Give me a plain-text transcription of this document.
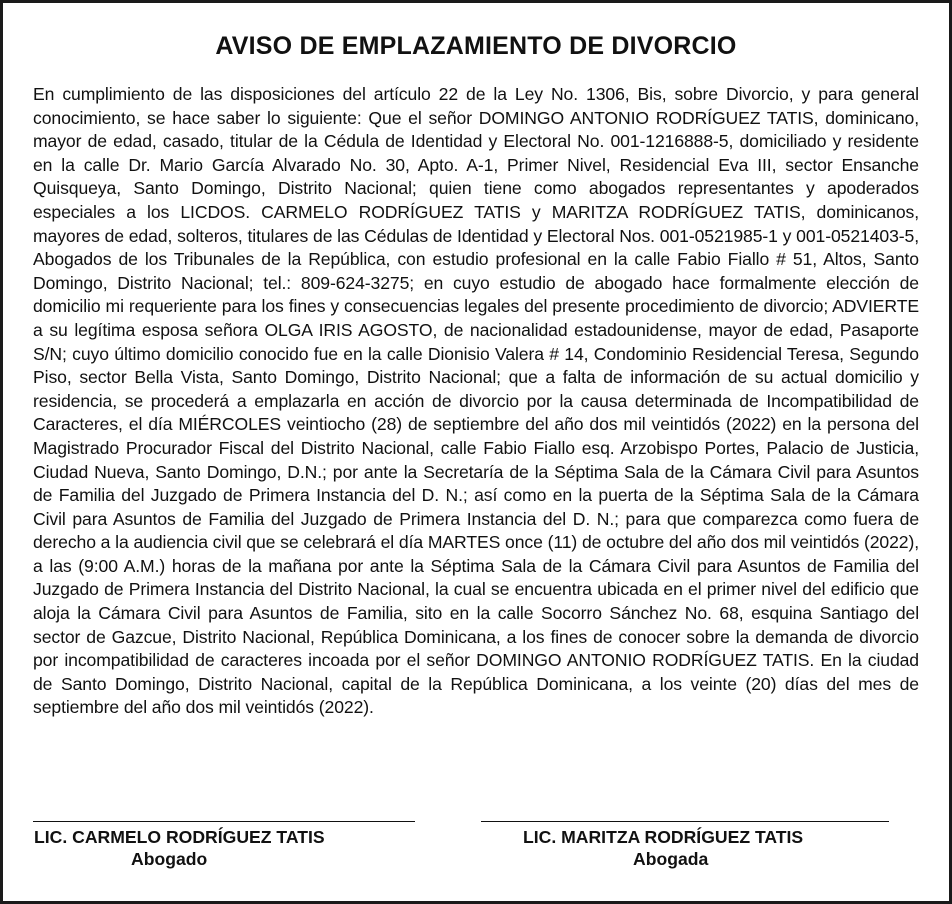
AVISO DE EMPLAZAMIENTO DE DIVORCIO

En cumplimiento de las disposiciones del artículo 22 de la Ley No. 1306, Bis, sobre Divorcio, y para general conocimiento, se hace saber lo siguiente: Que el señor DOMINGO ANTONIO RODRÍGUEZ TATIS, dominicano, mayor de edad, casado, titular de la Cédula de Identidad y Electoral No. 001-1216888-5, domiciliado y residente en la calle Dr. Mario García Alvarado No. 30, Apto. A-1, Primer Nivel, Residencial Eva III, sector Ensanche Quisqueya, Santo Domingo, Distrito Nacional; quien tiene como abogados representantes y apoderados especiales a los LICDOS. CARMELO RODRÍGUEZ TATIS y MARITZA RODRÍGUEZ TATIS, dominicanos, mayores de edad, solteros, titulares de las Cédulas de Identidad y Electoral Nos. 001-0521985-1 y 001-0521403-5, Abogados de los Tribunales de la República, con estudio profesional en la calle Fabio Fiallo # 51, Altos, Santo Domingo, Distrito Nacional; tel.: 809-624-3275; en cuyo estudio de abogado hace formalmente elección de domicilio mi requeriente para los fines y consecuencias legales del presente procedimiento de divorcio; ADVIERTE a su legítima esposa señora OLGA IRIS AGOSTO, de nacionalidad estadounidense, mayor de edad, Pasaporte S/N; cuyo último domicilio conocido fue en la calle Dionisio Valera # 14, Condominio Residencial Teresa, Segundo Piso, sector Bella Vista, Santo Domingo, Distrito Nacional; que a falta de información de su actual domicilio y residencia, se procederá a emplazarla en acción de divorcio por la causa determinada de Incompatibilidad de Caracteres, el día MIÉRCOLES veintiocho (28) de septiembre del año dos mil veintidós (2022) en la persona del Magistrado Procurador Fiscal del Distrito Nacional, calle Fabio Fiallo esq. Arzobispo Portes, Palacio de Justicia, Ciudad Nueva, Santo Domingo, D.N.; por ante la Secretaría de la Séptima Sala de la Cámara Civil para Asuntos de Familia del Juzgado de Primera Instancia del D. N.; así como en la puerta de la Séptima Sala de la Cámara Civil para Asuntos de Familia del Juzgado de Primera Instancia del D. N.; para que comparezca como fuera de derecho a la audiencia civil que se celebrará el día MARTES once (11) de octubre del año dos mil veintidós (2022), a las (9:00 A.M.) horas de la mañana por ante la Séptima Sala de la Cámara Civil para Asuntos de Familia del Juzgado de Primera Instancia del Distrito Nacional, la cual se encuentra ubicada en el primer nivel del edificio que aloja la Cámara Civil para Asuntos de Familia, sito en la calle Socorro Sánchez No. 68, esquina Santiago del sector de Gazcue, Distrito Nacional, República Dominicana, a los fines de conocer sobre la demanda de divorcio por incompatibilidad de caracteres incoada por el señor DOMINGO ANTONIO RODRÍGUEZ TATIS. En la ciudad de Santo Domingo, Distrito Nacional, capital de la República Dominicana, a los veinte (20) días del mes de septiembre del año dos mil veintidós (2022).

LIC. CARMELO RODRÍGUEZ TATIS
Abogado
LIC. MARITZA RODRÍGUEZ TATIS
Abogada
